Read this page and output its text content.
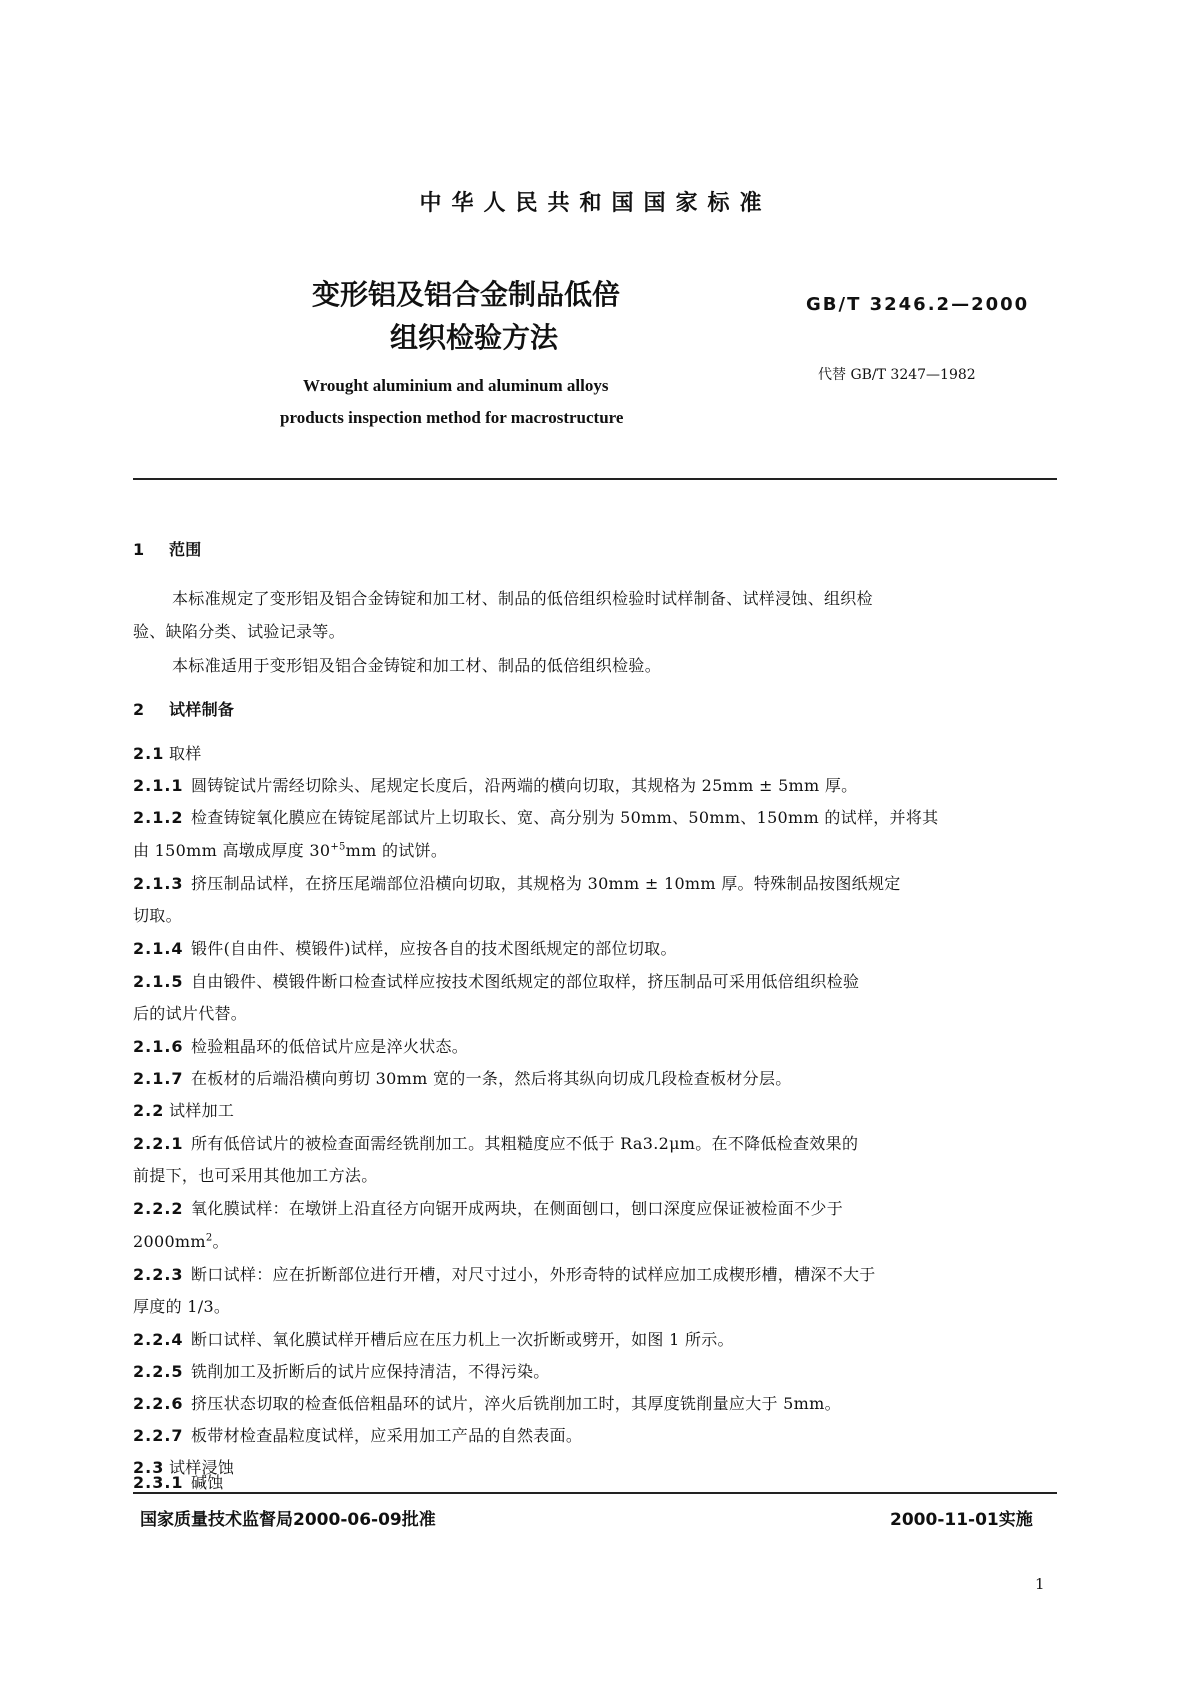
中华人民共和国国家标准
变形铝及铝合金制品低倍
组织检验方法
GB/T 3246.2—2000
代替 GB/T 3247—1982
Wrought aluminium and aluminum alloys
products inspection method for macrostructure
1 范围
本标准规定了变形铝及铝合金铸锭和加工材、制品的低倍组织检验时试样制备、试样浸蚀、组织检
验、缺陷分类、试验记录等。
本标准适用于变形铝及铝合金铸锭和加工材、制品的低倍组织检验。
2 试样制备
2.1 取样
2.1.1 圆铸锭试片需经切除头、尾规定长度后，沿两端的横向切取，其规格为 25mm ± 5mm 厚。
2.1.2 检查铸锭氧化膜应在铸锭尾部试片上切取长、宽、高分别为 50mm、50mm、150mm 的试样，并将其
由 150mm 高墩成厚度 $30^{+5}mm$ 的试饼。
2.1.3 挤压制品试样，在挤压尾端部位沿横向切取，其规格为 30mm ± 10mm 厚。特殊制品按图纸规定
切取。
2.1.4 锻件(自由件、模锻件)试样，应按各自的技术图纸规定的部位切取。
2.1.5 自由锻件、模锻件断口检查试样应按技术图纸规定的部位取样，挤压制品可采用低倍组织检验
后的试片代替。
2.1.6 检验粗晶环的低倍试片应是淬火状态。
2.1.7 在板材的后端沿横向剪切 30mm 宽的一条，然后将其纵向切成几段检查板材分层。
2.2 试样加工
2.2.1 所有低倍试片的被检查面需经铣削加工。其粗糙度应不低于 Ra3.2μm。在不降低检查效果的
前提下，也可采用其他加工方法。
2.2.2 氧化膜试样：在墩饼上沿直径方向锯开成两块，在侧面刨口，刨口深度应保证被检面不少于
$2000mm^2$。
2.2.3 断口试样：应在折断部位进行开槽，对尺寸过小，外形奇特的试样应加工成楔形槽，槽深不大于
厚度的 1/3。
2.2.4 断口试样、氧化膜试样开槽后应在压力机上一次折断或劈开，如图 1 所示。
2.2.5 铣削加工及折断后的试片应保持清洁，不得污染。
2.2.6 挤压状态切取的检查低倍粗晶环的试片，淬火后铣削加工时，其厚度铣削量应大于 5mm。
2.2.7 板带材检查晶粒度试样，应采用加工产品的自然表面。
2.3 试样浸蚀
2.3.1 碱蚀
国家质量技术监督局2000-06-09批准	2000-11-01实施
1
